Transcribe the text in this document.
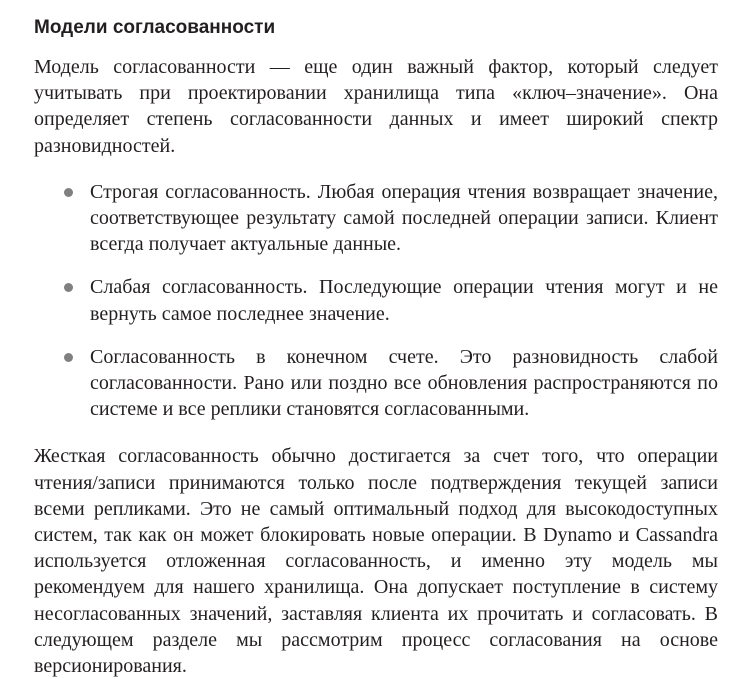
Модели согласованности

Модель согласованности — еще один важный фактор, который следует учитывать при проектировании хранилища типа «ключ–значение». Она определяет степень согласованности данных и имеет широкий спектр разновидностей.

Строгая согласованность. Любая операция чтения возвращает значение, соответствующее результату самой последней операции записи. Клиент всегда получает актуальные данные.
Слабая согласованность. Последующие операции чтения могут и не вернуть самое последнее значение.
Согласованность в конечном счете. Это разновидность слабой согласованности. Рано или поздно все обновления распространяются по системе и все реплики становятся согласованными.

Жесткая согласованность обычно достигается за счет того, что операции чтения/записи принимаются только после подтверждения текущей записи всеми репликами. Это не самый оптимальный подход для высокодоступных систем, так как он может блокировать новые операции. В Dynamo и Cassandra используется отложенная согласованность, и именно эту модель мы рекомендуем для нашего хранилища. Она допускает поступление в систему несогласованных значений, заставляя клиента их прочитать и согласовать. В следующем разделе мы рассмотрим процесс согласования на основе версионирования.
